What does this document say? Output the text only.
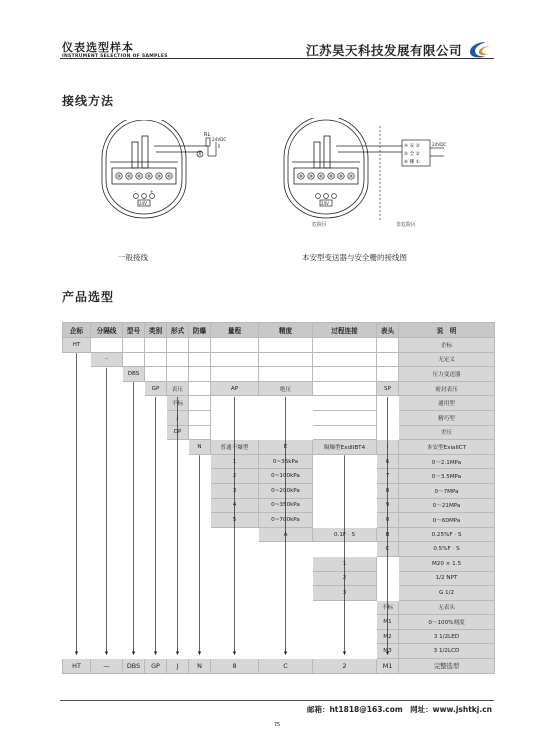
仪表选型样本
INSTRUMENT SELECTION OF SAMPLES	江苏昊天科技发展有限公司
接线方法
RL
24VDC
A
-	+
24V
一般接线
④ 安 ③
⑤ 全 ②
⑥ 栅 ①
24VDC
24V
危险区	非危险区
本安型变送器与安全栅的接线图
产品选型
企标	分隔线	型号	类别	形式	防爆	量程	精度	过程连接	表头	说　明
HT										企标
	–									无定义
		DBS								压力变送器
			GP	表压		AP	绝压		SP	密封表压
				不标						通用型
				J						精巧型
				DP						差压
					N	普通不爆型	E	隔爆型ExdIIBT4	i	本安型ExiaIICT
						1	0~35kPa		6	0～2.1MPa
						2	0~100kPa		7	0～3.5MPa
						3	0~200kPa		8	0～7MPa
						4	0~350kPa		9	0～21MPa
						5	0~700kPa		0	0～60MPa
							A	0.1F · S	B	0.25%F · S
									C	0.5%F · S
								1		M20 × 1.5
								2		1/2 NPT
								3		G 1/2
									不标	无表头
									M1	0～100%刻度
									M2	3 1/2LED
									M3	3 1/2LCD
HT	—	DBS	GP	J	N	8	C	2	M1	完整选型
邮箱：ht1818@163.com　网址：www.jshtkj.cn
75
